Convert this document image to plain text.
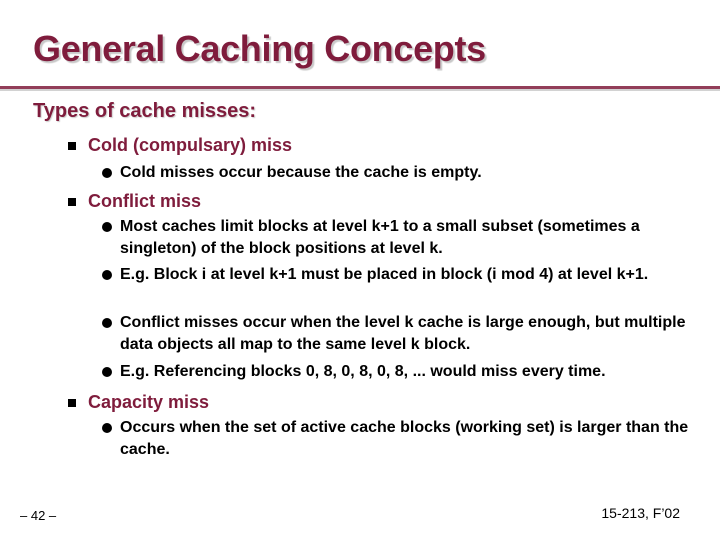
General Caching Concepts
Types of cache misses:
Cold (compulsary) miss
Cold misses occur because the cache is empty.
Conflict miss
Most caches limit blocks at level k+1 to a small subset (sometimes a singleton) of the block positions at level k.
E.g. Block i at level k+1 must be placed in block (i mod 4) at level k+1.
Conflict misses occur when the level k cache is large enough, but multiple data objects all map to the same level k block.
E.g. Referencing blocks 0, 8, 0, 8, 0, 8, ... would miss every time.
Capacity miss
Occurs when the set of active cache blocks (working set) is larger than the cache.
– 42 –	15-213, F’02
